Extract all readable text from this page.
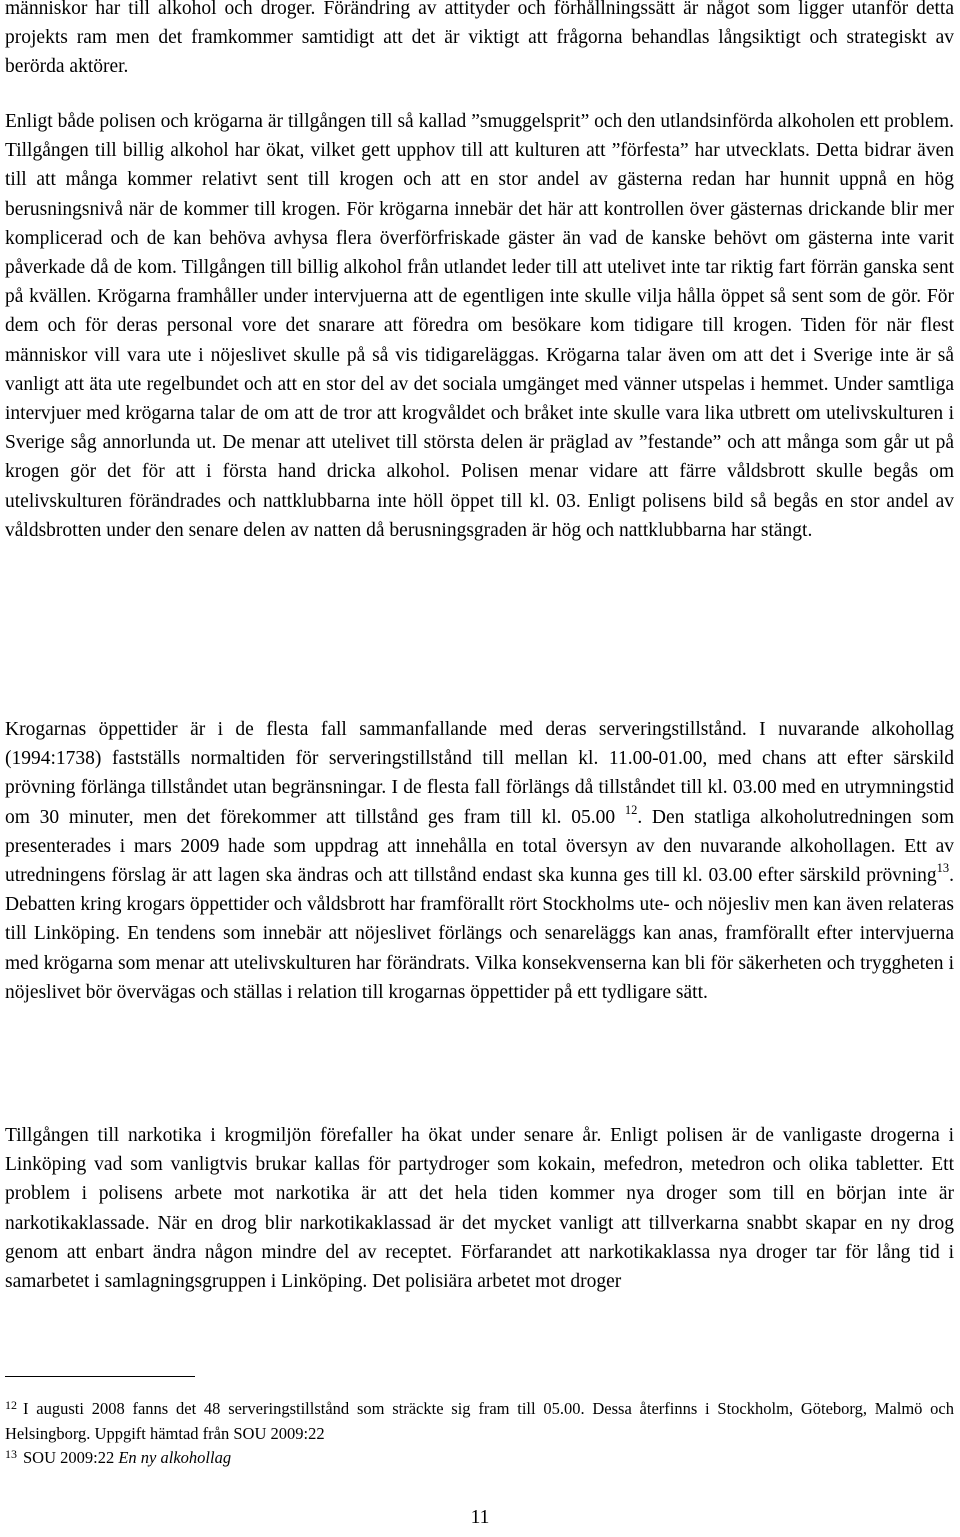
människor har till alkohol och droger. Förändring av attityder och förhållningssätt är något som ligger utanför detta projekts ram men det framkommer samtidigt att det är viktigt att frågorna behandlas långsiktigt och strategiskt av berörda aktörer.

Enligt både polisen och krögarna är tillgången till så kallad ”smuggelsprit” och den utlandsinförda alkoholen ett problem. Tillgången till billig alkohol har ökat, vilket gett upphov till att kulturen att ”förfesta” har utvecklats. Detta bidrar även till att många kommer relativt sent till krogen och att en stor andel av gästerna redan har hunnit uppnå en hög berusningsnivå när de kommer till krogen. För krögarna innebär det här att kontrollen över gästernas drickande blir mer komplicerad och de kan behöva avhysa flera överförfriskade gäster än vad de kanske behövt om gästerna inte varit påverkade då de kom. Tillgången till billig alkohol från utlandet leder till att utelivet inte tar riktig fart förrän ganska sent på kvällen. Krögarna framhåller under intervjuerna att de egentligen inte skulle vilja hålla öppet så sent som de gör. För dem och för deras personal vore det snarare att föredra om besökare kom tidigare till krogen. Tiden för när flest människor vill vara ute i nöjeslivet skulle på så vis tidigareläggas. Krögarna talar även om att det i Sverige inte är så vanligt att äta ute regelbundet och att en stor del av det sociala umgänget med vänner utspelas i hemmet. Under samtliga intervjuer med krögarna talar de om att de tror att krogvåldet och bråket inte skulle vara lika utbrett om utelivskulturen i Sverige såg annorlunda ut. De menar att utelivet till största delen är präglad av ”festande” och att många som går ut på krogen gör det för att i första hand dricka alkohol. Polisen menar vidare att färre våldsbrott skulle begås om utelivskulturen förändrades och nattklubbarna inte höll öppet till kl. 03. Enligt polisens bild så begås en stor andel av våldsbrotten under den senare delen av natten då berusningsgraden är hög och nattklubbarna har stängt.

Krogarnas öppettider är i de flesta fall sammanfallande med deras serveringstillstånd. I nuvarande alkohollag (1994:1738) fastställs normaltiden för serveringstillstånd till mellan kl. 11.00-01.00, med chans att efter särskild prövning förlänga tillståndet utan begränsningar. I de flesta fall förlängs då tillståndet till kl. 03.00 med en utrymningstid om 30 minuter, men det förekommer att tillstånd ges fram till kl. 05.00 $^{12}$. Den statliga alkoholutredningen som presenterades i mars 2009 hade som uppdrag att innehålla en total översyn av den nuvarande alkohollagen. Ett av utredningens förslag är att lagen ska ändras och att tillstånd endast ska kunna ges till kl. 03.00 efter särskild prövning$^{13}$. Debatten kring krogars öppettider och våldsbrott har framförallt rört Stockholms ute- och nöjesliv men kan även relateras till Linköping. En tendens som innebär att nöjeslivet förlängs och senareläggs kan anas, framförallt efter intervjuerna med krögarna som menar att utelivskulturen har förändrats. Vilka konsekvenserna kan bli för säkerheten och tryggheten i nöjeslivet bör övervägas och ställas i relation till krogarnas öppettider på ett tydligare sätt.

Tillgången till narkotika i krogmiljön förefaller ha ökat under senare år. Enligt polisen är de vanligaste drogerna i Linköping vad som vanligtvis brukar kallas för partydroger som kokain, mefedron, metedron och olika tabletter. Ett problem i polisens arbete mot narkotika är att det hela tiden kommer nya droger som till en början inte är narkotikaklassade. När en drog blir narkotikaklassad är det mycket vanligt att tillverkarna snabbt skapar en ny drog genom att enbart ändra någon mindre del av receptet. Förfarandet att narkotikaklassa nya droger tar för lång tid i samarbetet i samlagningsgruppen i Linköping. Det polisiära arbetet mot droger

$^{12}$ I augusti 2008 fanns det 48 serveringstillstånd som sträckte sig fram till 05.00. Dessa återfinns i Stockholm, Göteborg, Malmö och Helsingborg. Uppgift hämtad från SOU 2009:22

$^{13}$ SOU 2009:22 En ny alkohollag

11
